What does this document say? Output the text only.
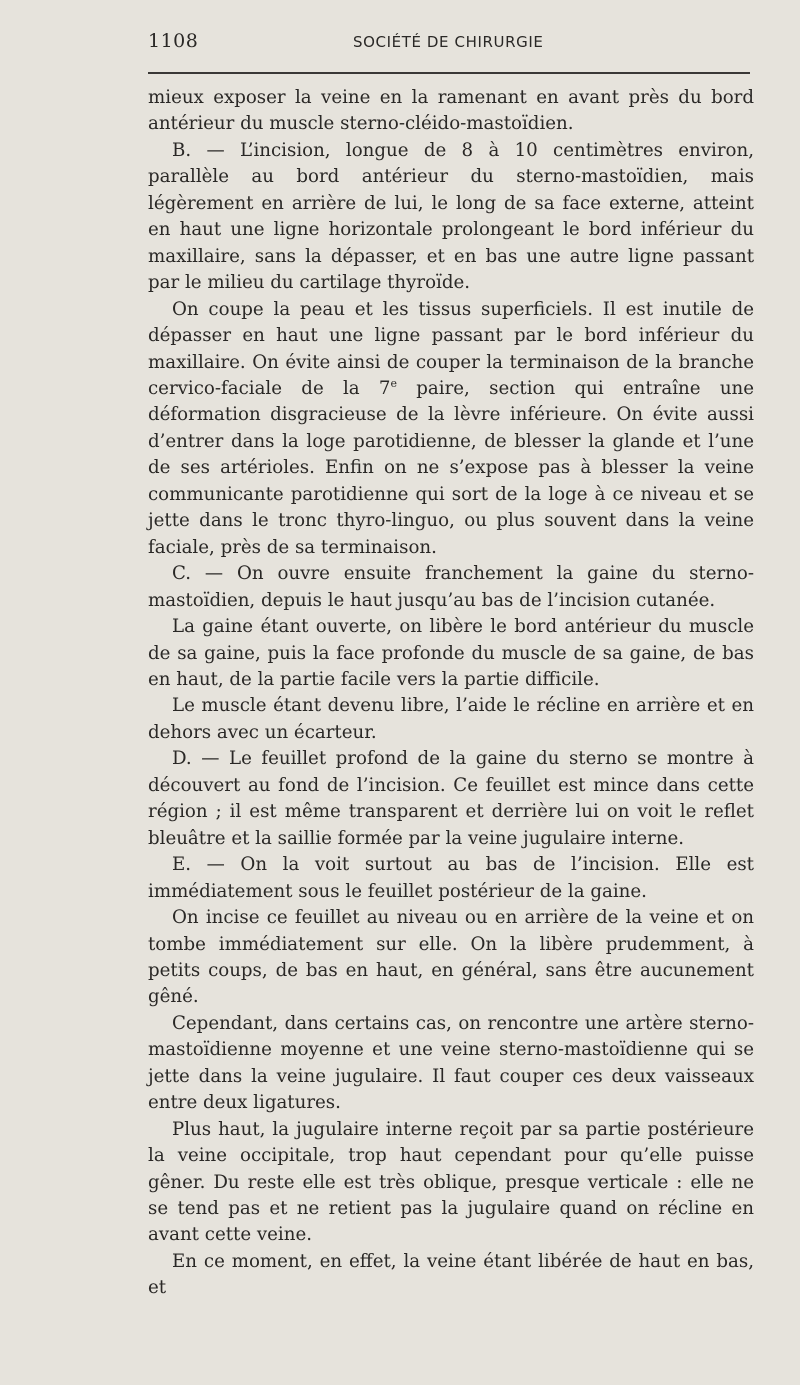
1108	SOCIÉTÉ DE CHIRURGIE

mieux exposer la veine en la ramenant en avant près du bord antérieur du muscle sterno-cléido-mastoïdien.

B. — L’incision, longue de 8 à 10 centimètres environ, parallèle au bord antérieur du sterno-mastoïdien, mais légèrement en arrière de lui, le long de sa face externe, atteint en haut une ligne horizontale prolongeant le bord inférieur du maxillaire, sans la dépasser, et en bas une autre ligne passant par le milieu du cartilage thyroïde.

On coupe la peau et les tissus superficiels. Il est inutile de dépasser en haut une ligne passant par le bord inférieur du maxillaire. On évite ainsi de couper la terminaison de la branche cervico-faciale de la 7e paire, section qui entraîne une déformation disgracieuse de la lèvre inférieure. On évite aussi d’entrer dans la loge parotidienne, de blesser la glande et l’une de ses artérioles. Enfin on ne s’expose pas à blesser la veine communicante parotidienne qui sort de la loge à ce niveau et se jette dans le tronc thyro-linguo, ou plus souvent dans la veine faciale, près de sa terminaison.

C. — On ouvre ensuite franchement la gaine du sterno-mastoïdien, depuis le haut jusqu’au bas de l’incision cutanée.

La gaine étant ouverte, on libère le bord antérieur du muscle de sa gaine, puis la face profonde du muscle de sa gaine, de bas en haut, de la partie facile vers la partie difficile.

Le muscle étant devenu libre, l’aide le récline en arrière et en dehors avec un écarteur.

D. — Le feuillet profond de la gaine du sterno se montre à découvert au fond de l’incision. Ce feuillet est mince dans cette région ; il est même transparent et derrière lui on voit le reflet bleuâtre et la saillie formée par la veine jugulaire interne.

E. — On la voit surtout au bas de l’incision. Elle est immédiatement sous le feuillet postérieur de la gaine.

On incise ce feuillet au niveau ou en arrière de la veine et on tombe immédiatement sur elle. On la libère prudemment, à petits coups, de bas en haut, en général, sans être aucunement gêné.

Cependant, dans certains cas, on rencontre une artère sterno-mastoïdienne moyenne et une veine sterno-mastoïdienne qui se jette dans la veine jugulaire. Il faut couper ces deux vaisseaux entre deux ligatures.

Plus haut, la jugulaire interne reçoit par sa partie postérieure la veine occipitale, trop haut cependant pour qu’elle puisse gêner. Du reste elle est très oblique, presque verticale : elle ne se tend pas et ne retient pas la jugulaire quand on récline en avant cette veine.

En ce moment, en effet, la veine étant libérée de haut en bas, et
